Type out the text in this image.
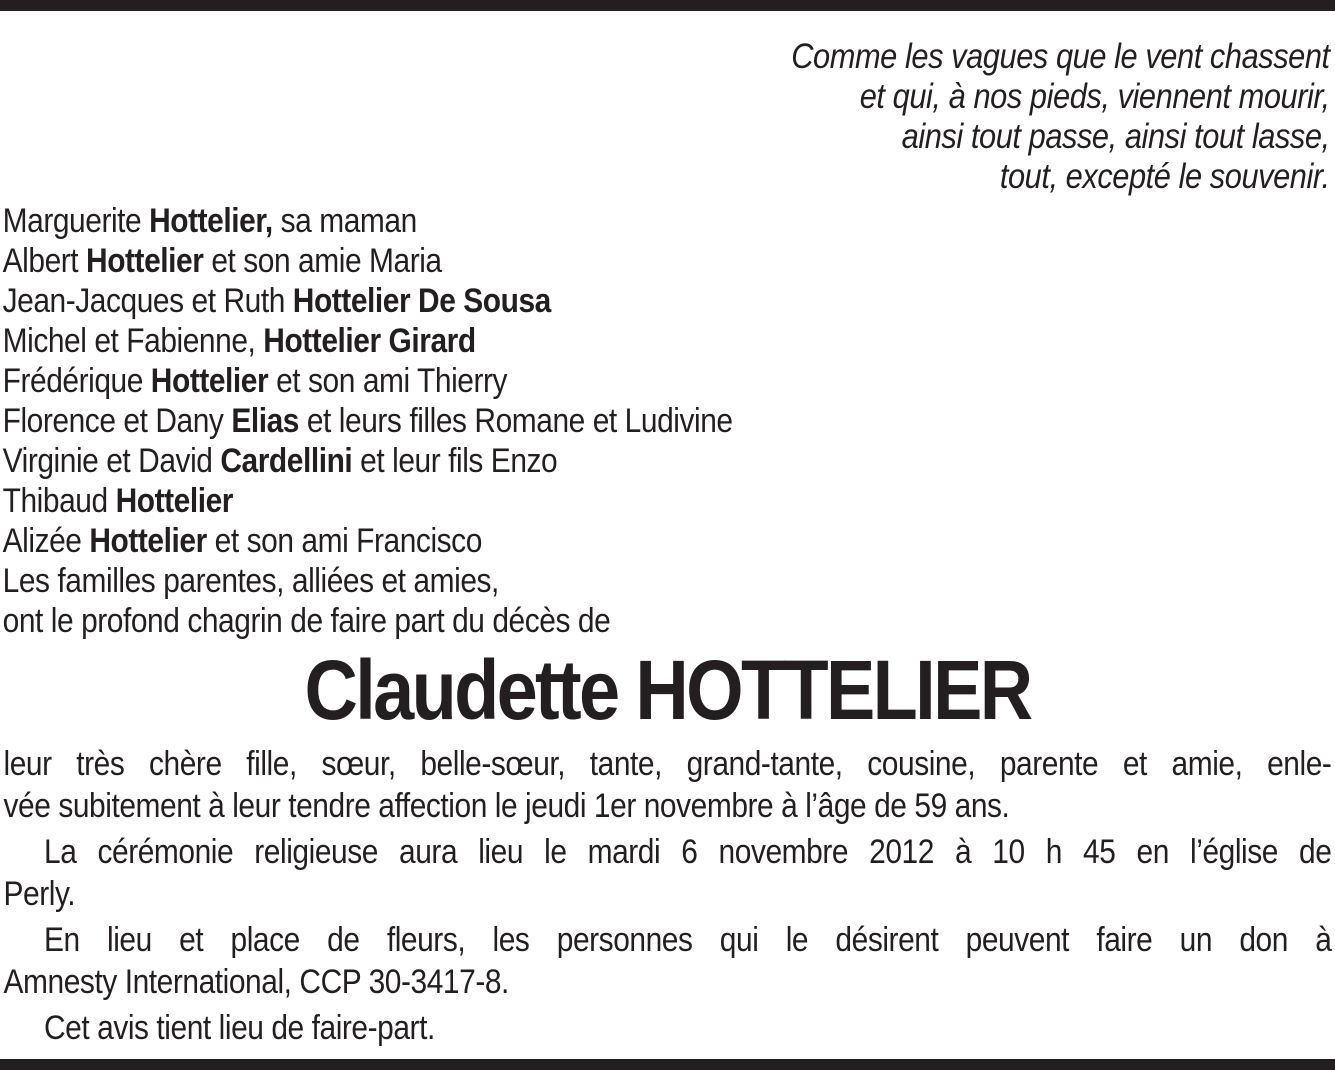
Comme les vagues que le vent chassent
et qui, à nos pieds, viennent mourir,
ainsi tout passe, ainsi tout lasse,
tout, excepté le souvenir.
Marguerite Hottelier, sa maman
Albert Hottelier et son amie Maria
Jean-Jacques et Ruth Hottelier De Sousa
Michel et Fabienne, Hottelier Girard
Frédérique Hottelier et son ami Thierry
Florence et Dany Elias et leurs filles Romane et Ludivine
Virginie et David Cardellini et leur fils Enzo
Thibaud Hottelier
Alizée Hottelier et son ami Francisco
Les familles parentes, alliées et amies,
ont le profond chagrin de faire part du décès de
Claudette HOTTELIER

leur très chère fille, sœur, belle-sœur, tante, grand-tante, cousine, parente et amie, enle-
vée subitement à leur tendre affection le jeudi 1er novembre à l’âge de 59 ans.

La cérémonie religieuse aura lieu le mardi 6 novembre 2012 à 10 h 45 en l’église de
Perly.

En lieu et place de fleurs, les personnes qui le désirent peuvent faire un don à
Amnesty International, CCP 30-3417-8.

Cet avis tient lieu de faire-part.
